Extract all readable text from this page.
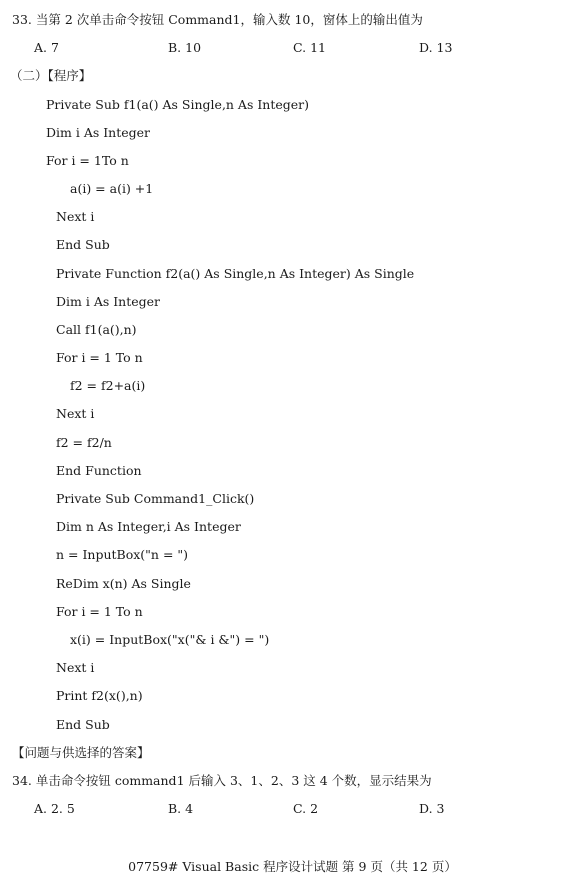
33. 当第 2 次单击命令按钮 Command1，输入数 10，窗体上的输出值为
A. 7	B. 10	C. 11	D. 13
（二）【程序】
Private Sub f1(a() As Single,n As Integer)
Dim i As Integer
For i = 1To n
a(i) = a(i) +1
Next i
End Sub
Private Function f2(a() As Single,n As Integer) As Single
Dim i As Integer
Call f1(a(),n)
For i = 1 To n
f2 = f2+a(i)
Next i
f2 = f2/n
End Function
Private Sub Command1_Click()
Dim n As Integer,i As Integer
n = InputBox("n = ")
ReDim x(n) As Single
For i = 1 To n
x(i) = InputBox("x("& i &") = ")
Next i
Print f2(x(),n)
End Sub
【问题与供选择的答案】
34. 单击命令按钮 command1 后输入 3、1、2、3 这 4 个数，显示结果为
A. 2. 5	B. 4	C. 2	D. 3
07759# Visual Basic 程序设计试题 第 9 页（共 12 页）
